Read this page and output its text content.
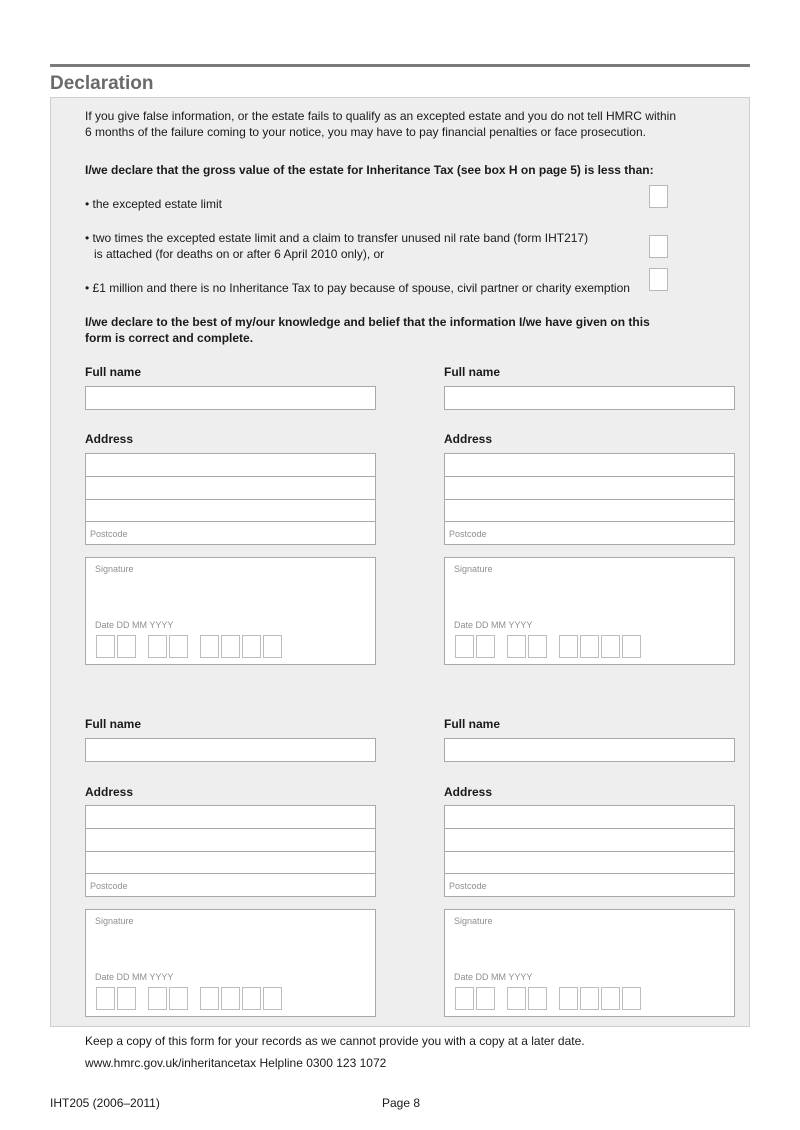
Declaration
If you give false information, or the estate fails to qualify as an excepted estate and you do not tell HMRC within
6 months of the failure coming to your notice, you may have to pay financial penalties or face prosecution.
I/we declare that the gross value of the estate for Inheritance Tax (see box H on page 5) is less than:
• the excepted estate limit
• two times the excepted estate limit and a claim to transfer unused nil rate band (form IHT217)
is attached (for deaths on or after 6 April 2010 only), or
• £1 million and there is no Inheritance Tax to pay because of spouse, civil partner or charity exemption
I/we declare to the best of my/our knowledge and belief that the information I/we have given on this
form is correct and complete.
Full name
Address
Postcode
Signature
Date DD MM YYYY
Full name
Address
Postcode
Signature
Date DD MM YYYY
Full name
Address
Postcode
Signature
Date DD MM YYYY
Full name
Address
Postcode
Signature
Date DD MM YYYY
Keep a copy of this form for your records as we cannot provide you with a copy at a later date.
www.hmrc.gov.uk/inheritancetax Helpline 0300 123 1072
IHT205 (2006–2011)	Page 8
